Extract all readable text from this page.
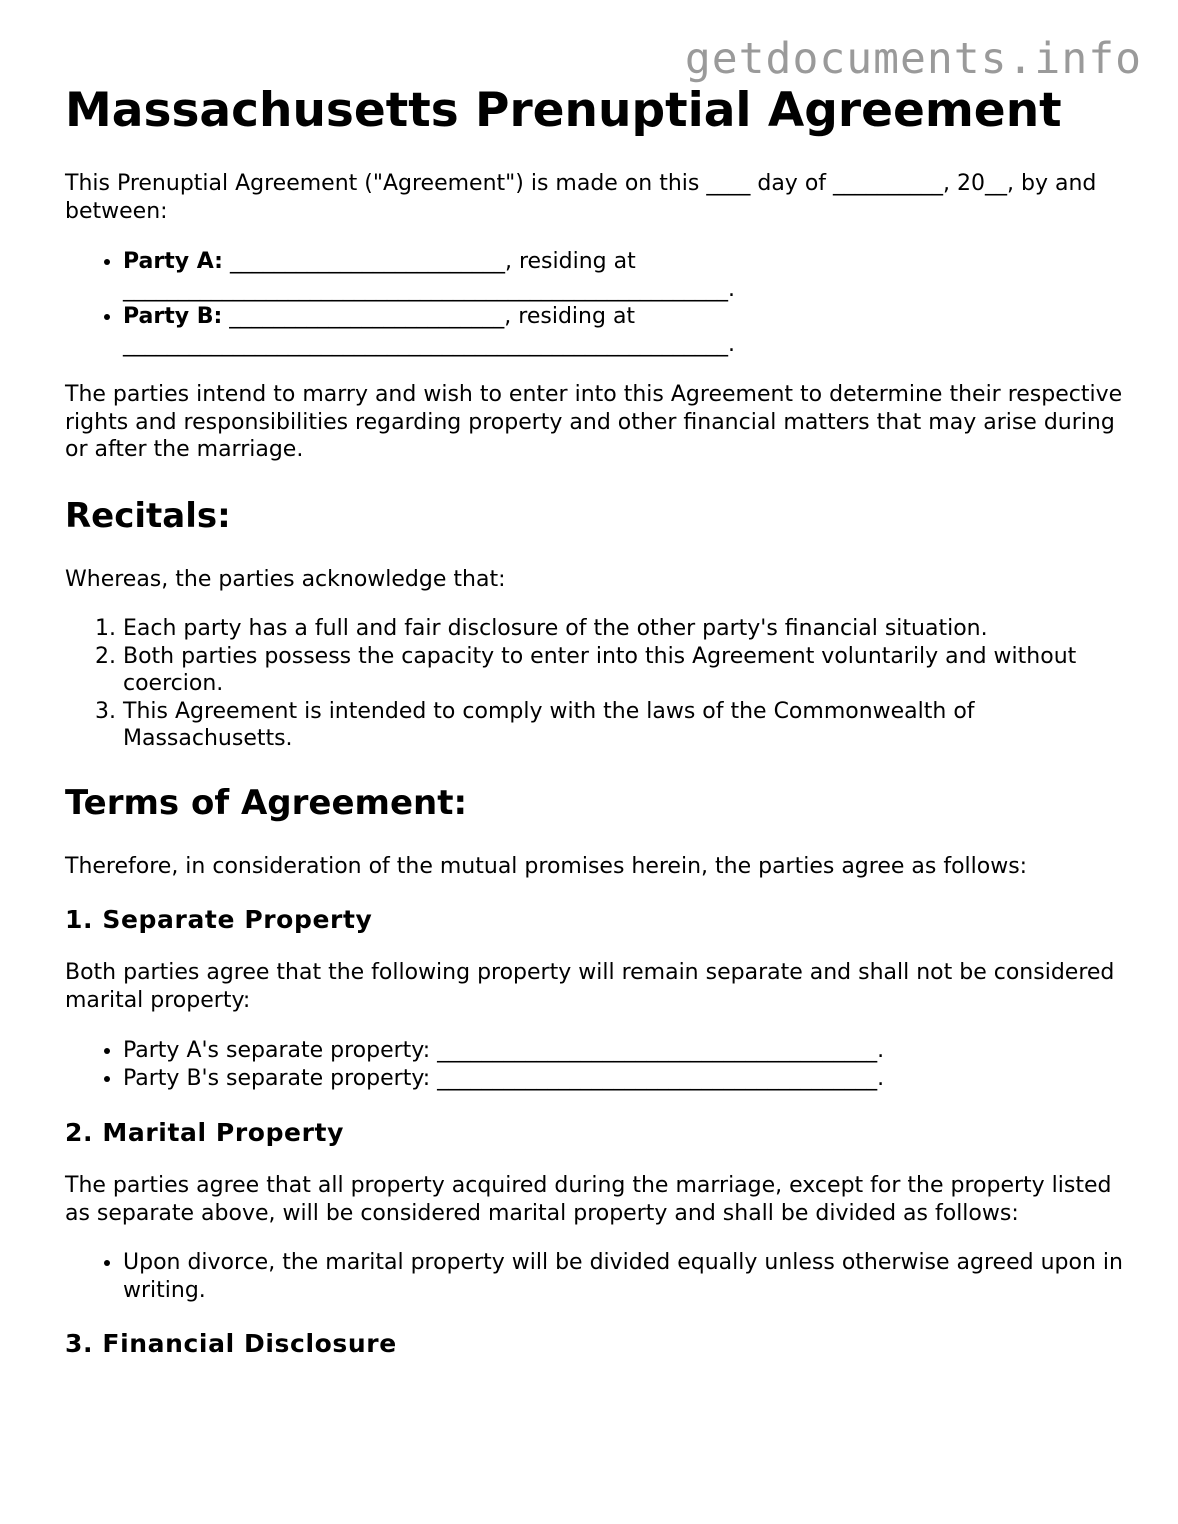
getdocuments.info
Massachusetts Prenuptial Agreement

This Prenuptial Agreement ("Agreement") is made on this ____ day of __________, 20__, by and between:

• Party A: _________________________, residing at
_______________________________________________________.
• Party B: _________________________, residing at
_______________________________________________________.

The parties intend to marry and wish to enter into this Agreement to determine their respective rights and responsibilities regarding property and other financial matters that may arise during or after the marriage.

Recitals:

Whereas, the parties acknowledge that:

1. Each party has a full and fair disclosure of the other party's financial situation.
2. Both parties possess the capacity to enter into this Agreement voluntarily and without coercion.
3. This Agreement is intended to comply with the laws of the Commonwealth of Massachusetts.
Terms of Agreement:

Therefore, in consideration of the mutual promises herein, the parties agree as follows:

1. Separate Property

Both parties agree that the following property will remain separate and shall not be considered marital property:

• Party A's separate property: ________________________________________.
• Party B's separate property: ________________________________________.
2. Marital Property

The parties agree that all property acquired during the marriage, except for the property listed as separate above, will be considered marital property and shall be divided as follows:

• Upon divorce, the marital property will be divided equally unless otherwise agreed upon in writing.
3. Financial Disclosure
